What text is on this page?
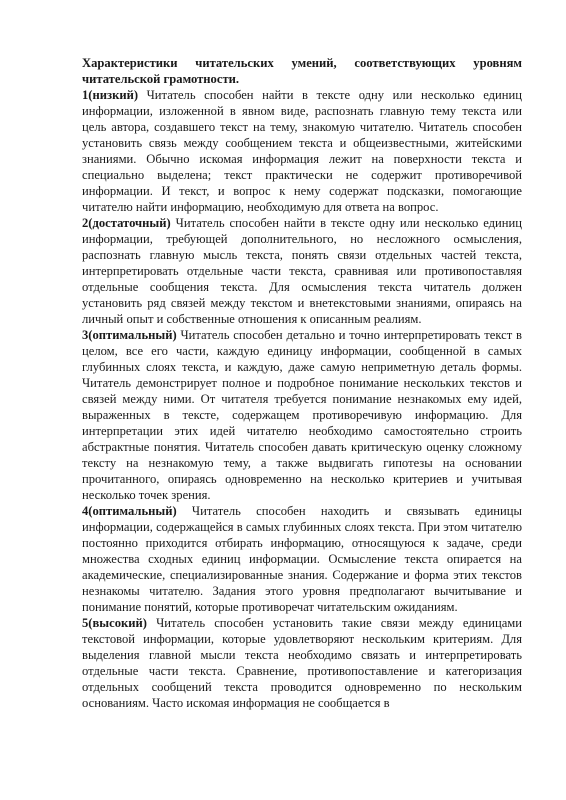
Характеристики читательских умений, соответствующих уровням читательской грамотности.

1(низкий) Читатель способен найти в тексте одну или несколько единиц информации, изложенной в явном виде, распознать главную тему текста или цель автора, создавшего текст на тему, знакомую читателю. Читатель способен установить связь между сообщением текста и общеизвестными, житейскими знаниями. Обычно искомая информация лежит на поверхности текста и специально выделена; текст практически не содержит противоречивой информации. И текст, и вопрос к нему содержат подсказки, помогающие читателю найти информацию, необходимую для ответа на вопрос.

2(достаточный) Читатель способен найти в тексте одну или несколько единиц информации, требующей дополнительного, но несложного осмысления, распознать главную мысль текста, понять связи отдельных частей текста, интерпретировать отдельные части текста, сравнивая или противопоставляя отдельные сообщения текста. Для осмысления текста читатель должен установить ряд связей между текстом и внетекстовыми знаниями, опираясь на личный опыт и собственные отношения к описанным реалиям.

3(оптимальный) Читатель способен детально и точно интерпретировать текст в целом, все его части, каждую единицу информации, сообщенной в самых глубинных слоях текста, и каждую, даже самую неприметную деталь формы. Читатель демонстрирует полное и подробное понимание нескольких текстов и связей между ними. От читателя требуется понимание незнакомых ему идей, выраженных в тексте, содержащем противоречивую информацию. Для интерпретации этих идей читателю необходимо самостоятельно строить абстрактные понятия. Читатель способен давать критическую оценку сложному тексту на незнакомую тему, а также выдвигать гипотезы на основании прочитанного, опираясь одновременно на несколько критериев и учитывая несколько точек зрения.

4(оптимальный) Читатель способен находить и связывать единицы информации, содержащейся в самых глубинных слоях текста. При этом читателю постоянно приходится отбирать информацию, относящуюся к задаче, среди множества сходных единиц информации. Осмысление текста опирается на академические, специализированные знания. Содержание и форма этих текстов незнакомы читателю. Задания этого уровня предполагают вычитывание и понимание понятий, которые противоречат читательским ожиданиям.

5(высокий) Читатель способен установить такие связи между единицами текстовой информации, которые удовлетворяют нескольким критериям. Для выделения главной мысли текста необходимо связать и интерпретировать отдельные части текста. Сравнение, противопоставление и категоризация отдельных сообщений текста проводится одновременно по нескольким основаниям. Часто искомая информация не сообщается в
